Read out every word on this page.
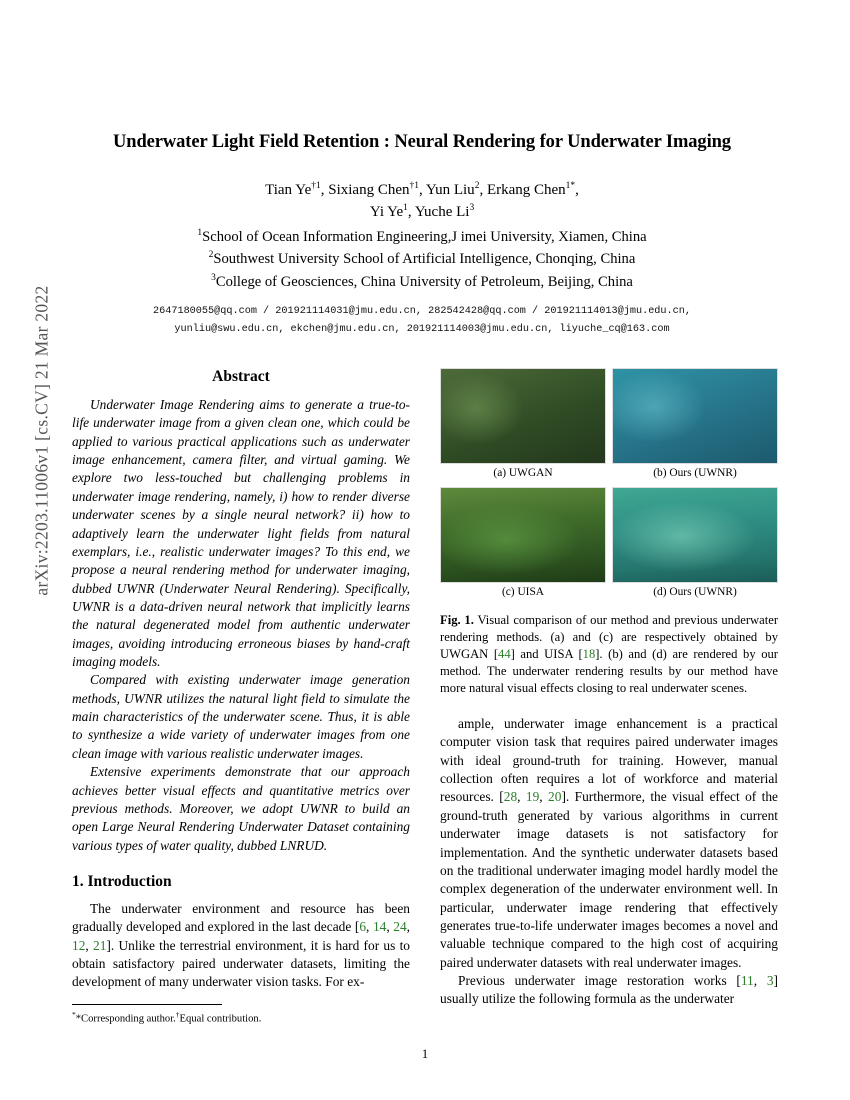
arXiv:2203.11006v1 [cs.CV] 21 Mar 2022
Underwater Light Field Retention : Neural Rendering for Underwater Imaging
Tian Ye$^{\dagger 1}$, Sixiang Chen$^{\dagger 1}$, Yun Liu$^2$, Erkang Chen$^{1*}$,
Yi Ye$^1$, Yuche Li$^3$
$^1$School of Ocean Information Engineering,J imei University, Xiamen, China
$^2$Southwest University School of Artificial Intelligence, Chonqing, China
$^3$College of Geosciences, China University of Petroleum, Beijing, China
2647180055@qq.com / 201921114031@jmu.edu.cn, 282542428@qq.com / 201921114013@jmu.edu.cn,
yunliu@swu.edu.cn, ekchen@jmu.edu.cn, 201921114003@jmu.edu.cn, liyuche_cq@163.com
Abstract

Underwater Image Rendering aims to generate a true-to-life underwater image from a given clean one, which could be applied to various practical applications such as underwater image enhancement, camera filter, and virtual gaming. We explore two less-touched but challenging problems in underwater image rendering, namely, i) how to render diverse underwater scenes by a single neural network? ii) how to adaptively learn the underwater light fields from natural exemplars, i.e., realistic underwater images? To this end, we propose a neural rendering method for underwater imaging, dubbed UWNR (Underwater Neural Rendering). Specifically, UWNR is a data-driven neural network that implicitly learns the natural degenerated model from authentic underwater images, avoiding introducing erroneous biases by hand-craft imaging models.

Compared with existing underwater image generation methods, UWNR utilizes the natural light field to simulate the main characteristics of the underwater scene. Thus, it is able to synthesize a wide variety of underwater images from one clean image with various realistic underwater images.

Extensive experiments demonstrate that our approach achieves better visual effects and quantitative metrics over previous methods. Moreover, we adopt UWNR to build an open Large Neural Rendering Underwater Dataset containing various types of water quality, dubbed LNRUD.

1. Introduction

The underwater environment and resource has been gradually developed and explored in the last decade [6, 14, 24, 12, 21]. Unlike the terrestrial environment, it is hard for us to obtain satisfactory paired underwater datasets, limiting the development of many underwater vision tasks. For ex-

**Corresponding author.†Equal contribution.
(a) UWGAN	(b) Ours (UWNR)
(c) UISA	(d) Ours (UWNR)
Fig. 1. Visual comparison of our method and previous underwater rendering methods. (a) and (c) are respectively obtained by UWGAN [44] and UISA [18]. (b) and (d) are rendered by our method. The underwater rendering results by our method have more natural visual effects closing to real underwater scenes.

ample, underwater image enhancement is a practical computer vision task that requires paired underwater images with ideal ground-truth for training. However, manual collection often requires a lot of workforce and material resources. [28, 19, 20]. Furthermore, the visual effect of the ground-truth generated by various algorithms in current underwater image datasets is not satisfactory for implementation. And the synthetic underwater datasets based on the traditional underwater imaging model hardly model the complex degeneration of the underwater environment well. In particular, underwater image rendering that effectively generates true-to-life underwater images becomes a novel and valuable technique compared to the high cost of acquiring paired underwater datasets with real underwater images.

Previous underwater image restoration works [11, 3] usually utilize the following formula as the underwater

1
